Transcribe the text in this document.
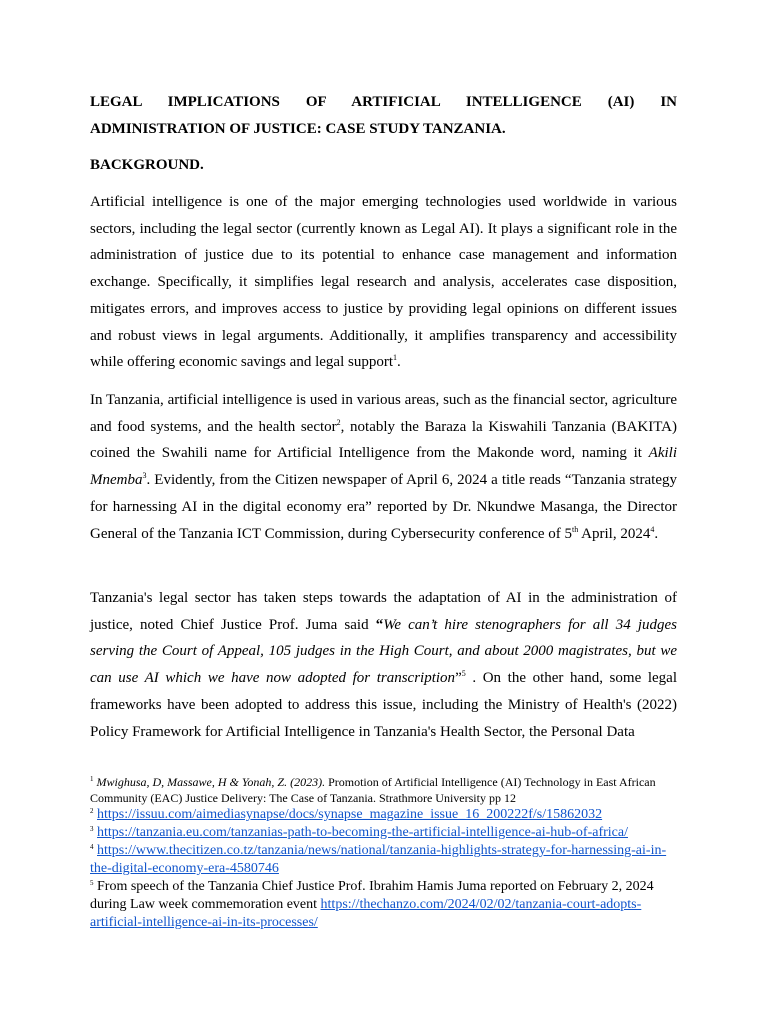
LEGAL IMPLICATIONS OF ARTIFICIAL INTELLIGENCE (AI) IN ADMINISTRATION OF JUSTICE: CASE STUDY TANZANIA.
BACKGROUND.

Artificial intelligence is one of the major emerging technologies used worldwide in various sectors, including the legal sector (currently known as Legal AI). It plays a significant role in the administration of justice due to its potential to enhance case management and information exchange. Specifically, it simplifies legal research and analysis, accelerates case disposition, mitigates errors, and improves access to justice by providing legal opinions on different issues and robust views in legal arguments. Additionally, it amplifies transparency and accessibility while offering economic savings and legal support$^1$.

In Tanzania, artificial intelligence is used in various areas, such as the financial sector, agriculture and food systems, and the health sector$^2$, notably the Baraza la Kiswahili Tanzania (BAKITA) coined the Swahili name for Artificial Intelligence from the Makonde word, naming it Akili Mnemba$^3$. Evidently, from the Citizen newspaper of April 6, 2024 a title reads “Tanzania strategy for harnessing AI in the digital economy era” reported by Dr. Nkundwe Masanga, the Director General of the Tanzania ICT Commission, during Cybersecurity conference of 5th April, 2024$^4$.

Tanzania's legal sector has taken steps towards the adaptation of AI in the administration of justice, noted Chief Justice Prof. Juma said “We can’t hire stenographers for all 34 judges serving the Court of Appeal, 105 judges in the High Court, and about 2000 magistrates, but we can use AI which we have now adopted for transcription”$^5$ . On the other hand, some legal frameworks have been adopted to address this issue, including the Ministry of Health's (2022) Policy Framework for Artificial Intelligence in Tanzania's Health Sector, the Personal Data

$^1$ Mwighusa, D, Massawe, H & Yonah, Z. (2023). Promotion of Artificial Intelligence (AI) Technology in East African Community (EAC) Justice Delivery: The Case of Tanzania. Strathmore University pp 12

$^2$ https://issuu.com/aimediasynapse/docs/synapse_magazine_issue_16_200222f/s/15862032

$^3$ https://tanzania.eu.com/tanzanias-path-to-becoming-the-artificial-intelligence-ai-hub-of-africa/

$^4$ https://www.thecitizen.co.tz/tanzania/news/national/tanzania-highlights-strategy-for-harnessing-ai-in-the-digital-economy-era-4580746

$^5$ From speech of the Tanzania Chief Justice Prof. Ibrahim Hamis Juma reported on February 2, 2024 during Law week commemoration event https://thechanzo.com/2024/02/02/tanzania-court-adopts-artificial-intelligence-ai-in-its-processes/
